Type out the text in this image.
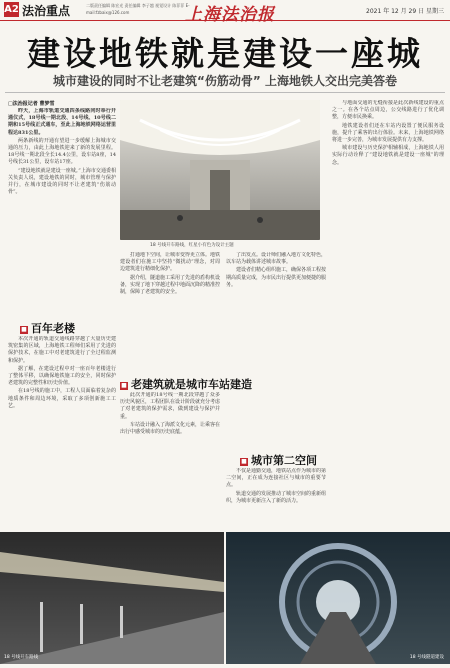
A2 法治重点	二版责任编辑 陈宏光 责任编辑 李子越 视觉设计 陈菲菲 E-mail:fzbaix@126.com	上海法治报	2021 年 12 月 29 日 星期三
建设地铁就是建设一座城
城市建设的同时不让老建筑“伤筋动骨” 上海地铁人交出完美答卷
□法治报记者 曹梦雪

昨天，上海市轨道交通四条线路同时举行开通仪式，18号线一期北段、14号线、10号线二期和15号线正式通车，至此上海地铁网络运营里程达831公里。

两条新线的开通有望进一步缓解上海城市交通的压力，由此上海地铁迎来了新的发展里程。18号线一期北段全长14.4公里，设车站8座，14号线长31公里，设车站17座。

“建设地铁就是建设一座城。”上海市交通委相关负责人说，建设地铁的同时，城市管理与保护并行，在城市建设的同时不让老建筑“伤筋动骨”。

■ 百年老楼

本次开通的轨道交通线路穿越了大量历史建筑密集的区域，上海地铁工程师们采用了先进的保护技术，在施工中对老建筑进行了全过程监测和保护。

据了解，在建设过程中对一座百年老楼进行了整体平移，以确保地铁施工的安全，同时保护老建筑的完整性和历史价值。

在18号线的施工中，工程人员面临着复杂的地质条件和周边环境，采取了多项创新施工工艺。

18 号线开车路线，红星小有色为设计主题

打通地下空间，让城市变得更立体。地铁建设者们在施工中坚持“微扰动”理念，对周边建筑进行精细化保护。

据介绍，隧道施工采用了先进的盾构机设备，实现了地下穿越过程中地面沉降的精准控制，保障了老建筑的安全。

■ 老建筑就是城市车站建造

此次开通的18号线一期北段穿越了众多历史风貌区，工程团队在设计阶段就充分考虑了对老建筑的保护需求，做到建设与保护并重。

车站设计融入了海派文化元素，让乘客在出行中感受城市的历史底蕴。

了出发点。设计师们融入地方文化特色，以车站为载体讲述城市故事。

建设者们精心组织施工，确保各项工程按期高质量完成，为市民出行提供更加便捷的服务。

■ 城市第二空间

不仅是通勤交通，地铁站点作为城市的第二空间，正在成为连接社区与城市的重要节点。

轨道交通的发展推动了城市空间的重新组织，为城市更新注入了新的活力。

与地面交通的无缝衔接是此次新线建设的重点之一。在各个站点周边，公交线路进行了优化调整，方便市民换乘。

地铁建设者们还在车站内设置了便民服务设施，提升了乘客的出行体验。未来，上海地铁网络将进一步完善，为城市发展提供有力支撑。

城市建设与历史保护相辅相成，上海地铁人用实际行动诠释了“建设地铁就是建设一座城”的理念。

18 号线开车路线	18 号线隧道建设
